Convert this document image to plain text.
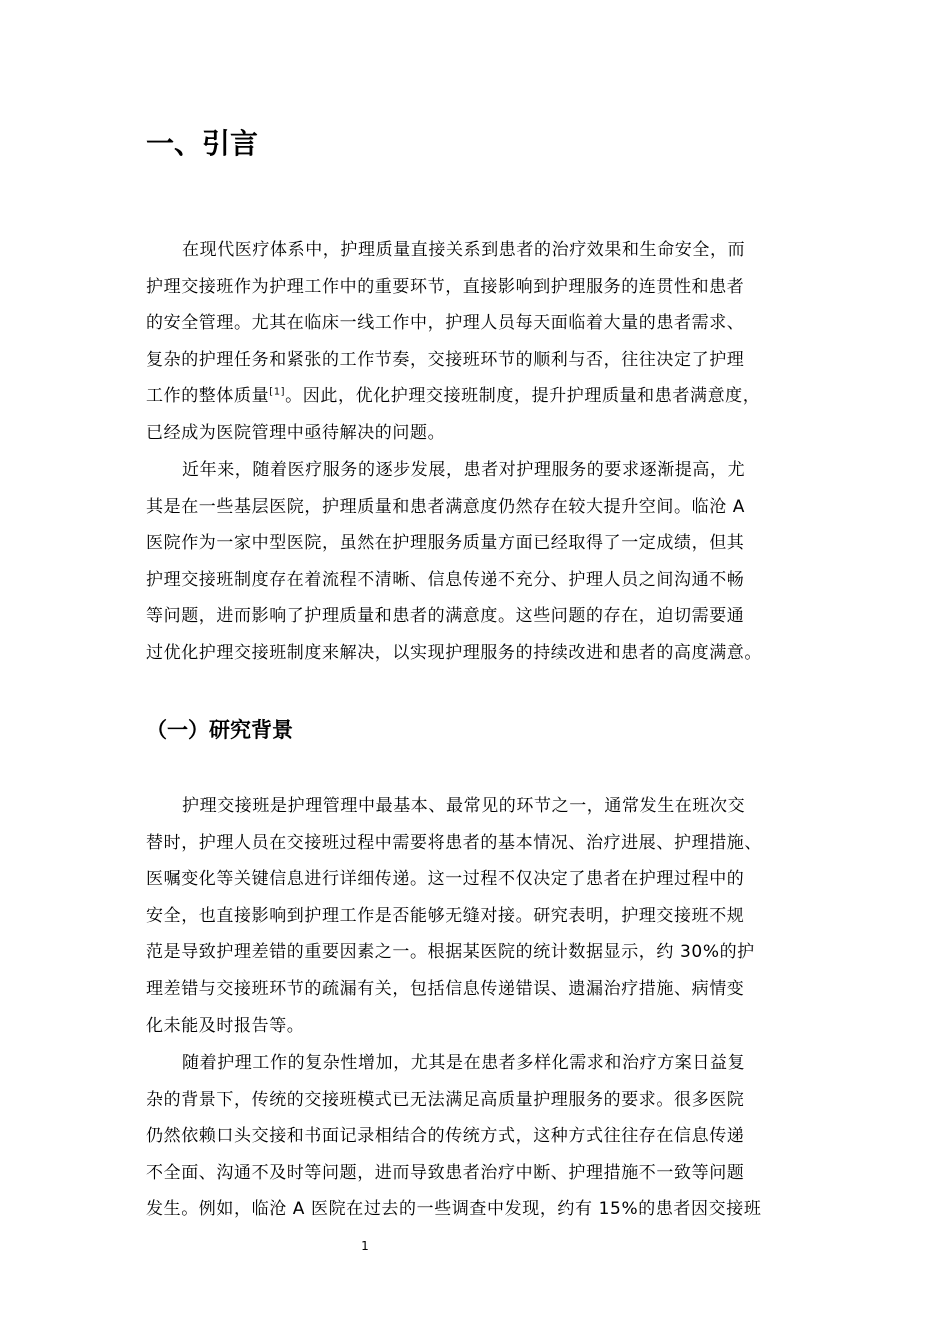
一、引言
在现代医疗体系中，护理质量直接关系到患者的治疗效果和生命安全，而
护理交接班作为护理工作中的重要环节，直接影响到护理服务的连贯性和患者
的安全管理。尤其在临床一线工作中，护理人员每天面临着大量的患者需求、
复杂的护理任务和紧张的工作节奏，交接班环节的顺利与否，往往决定了护理
工作的整体质量[1]。因此，优化护理交接班制度，提升护理质量和患者满意度，
已经成为医院管理中亟待解决的问题。
近年来，随着医疗服务的逐步发展，患者对护理服务的要求逐渐提高，尤
其是在一些基层医院，护理质量和患者满意度仍然存在较大提升空间。临沧 A
医院作为一家中型医院，虽然在护理服务质量方面已经取得了一定成绩，但其
护理交接班制度存在着流程不清晰、信息传递不充分、护理人员之间沟通不畅
等问题，进而影响了护理质量和患者的满意度。这些问题的存在，迫切需要通
过优化护理交接班制度来解决，以实现护理服务的持续改进和患者的高度满意。
（一）研究背景
护理交接班是护理管理中最基本、最常见的环节之一，通常发生在班次交
替时，护理人员在交接班过程中需要将患者的基本情况、治疗进展、护理措施、
医嘱变化等关键信息进行详细传递。这一过程不仅决定了患者在护理过程中的
安全，也直接影响到护理工作是否能够无缝对接。研究表明，护理交接班不规
范是导致护理差错的重要因素之一。根据某医院的统计数据显示，约 30%的护
理差错与交接班环节的疏漏有关，包括信息传递错误、遗漏治疗措施、病情变
化未能及时报告等。
随着护理工作的复杂性增加，尤其是在患者多样化需求和治疗方案日益复
杂的背景下，传统的交接班模式已无法满足高质量护理服务的要求。很多医院
仍然依赖口头交接和书面记录相结合的传统方式，这种方式往往存在信息传递
不全面、沟通不及时等问题，进而导致患者治疗中断、护理措施不一致等问题
发生。例如，临沧 A 医院在过去的一些调查中发现，约有 15%的患者因交接班
1
